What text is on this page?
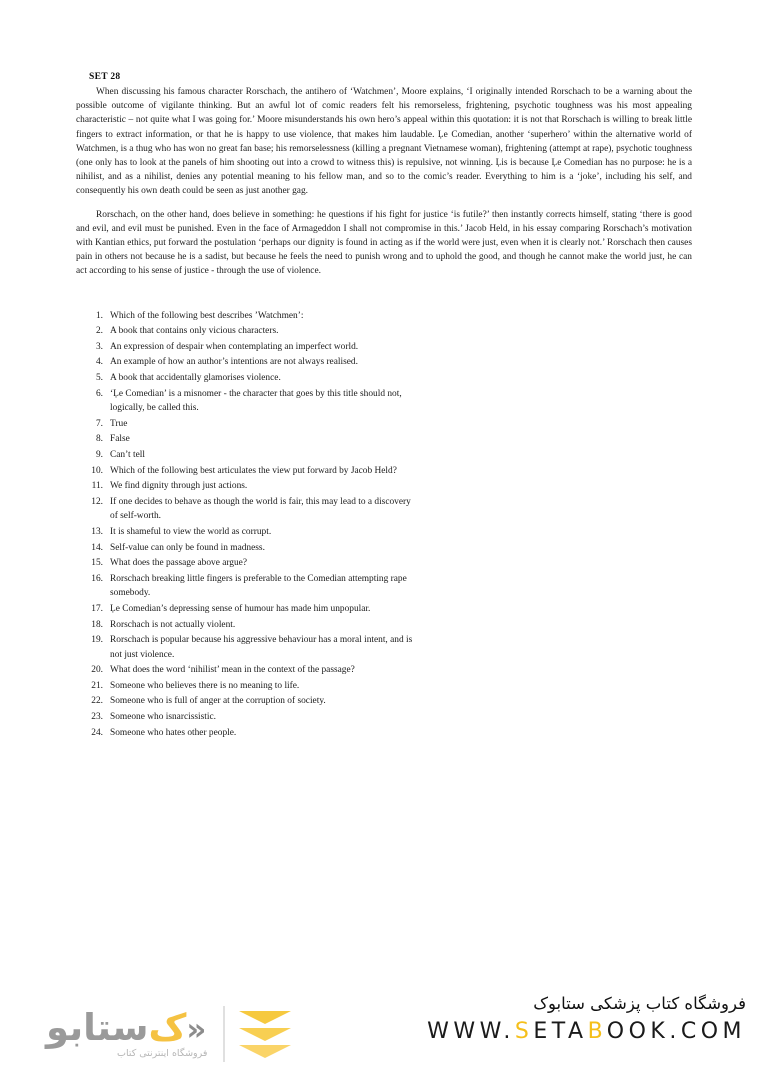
SET 28

When discussing his famous character Rorschach, the antihero of ‘Watchmen’, Moore explains, ‘I originally intended Rorschach to be a warning about the possible outcome of vigilante thinking. But an awful lot of comic readers felt his remorseless, frightening, psychotic toughness was his most appealing characteristic – not quite what I was going for.’ Moore misunderstands his own hero’s appeal within this quotation: it is not that Rorschach is willing to break little fingers to extract information, or that he is happy to use violence, that makes him laudable. Ļe Comedian, another ‘superhero’ within the alternative world of Watchmen, is a thug who has won no great fan base; his remorselessness (killing a pregnant Vietnamese woman), frightening (attempt at rape), psychotic toughness (one only has to look at the panels of him shooting out into a crowd to witness this) is repulsive, not winning. Ļis is because Ļe Comedian has no purpose: he is a nihilist, and as a nihilist, denies any potential meaning to his fellow man, and so to the comic’s reader. Everything to him is a ‘joke’, including his self, and consequently his own death could be seen as just another gag.

Rorschach, on the other hand, does believe in something: he questions if his fight for justice ‘is futile?’ then instantly corrects himself, stating ‘there is good and evil, and evil must be punished. Even in the face of Armageddon I shall not compromise in this.’ Jacob Held, in his essay comparing Rorschach’s motivation with Kantian ethics, put forward the postulation ‘perhaps our dignity is found in acting as if the world were just, even when it is clearly not.’ Rorschach then causes pain in others not because he is a sadist, but because he feels the need to punish wrong and to uphold the good, and though he cannot make the world just, he can act according to his sense of justice - through the use of violence.

1. Which of the following best describes ’Watchmen’:
2. A book that contains only vicious characters.
3. An expression of despair when contemplating an imperfect world.
4. An example of how an author’s intentions are not always realised.
5. A book that accidentally glamorises violence.
6. ‘Ļe Comedian’ is a misnomer - the character that goes by this title should not, logically, be called this.
7. True
8. False
9. Can’t tell
10. Which of the following best articulates the view put forward by Jacob Held?
11. We find dignity through just actions.
12. If one decides to behave as though the world is fair, this may lead to a discovery of self-worth.
13. It is shameful to view the world as corrupt.
14. Self-value can only be found in madness.
15. What does the passage above argue?
16. Rorschach breaking little fingers is preferable to the Comedian attempting rape somebody.
17. Ļe Comedian’s depressing sense of humour has made him unpopular.
18. Rorschach is not actually violent.
19. Rorschach is popular because his aggressive behaviour has a moral intent, and is not just violence.
20. What does the word ‘nihilist’ mean in the context of the passage?
21. Someone who believes there is no meaning to life.
22. Someone who is full of anger at the corruption of society.
23. Someone who isnarcissistic.
24. Someone who hates other people.
«
ک
ستابو
فروشگاه اینترنتی کتاب
فروشگاه کتاب پزشکی ستابوک
WWW.SETABOOK.COM
